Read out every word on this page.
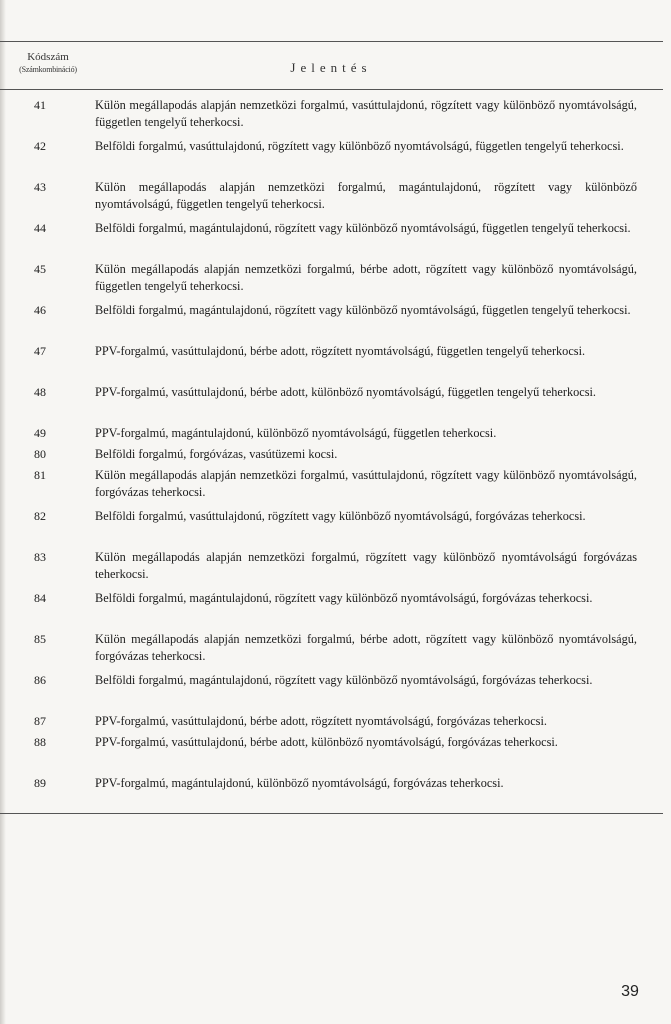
Kódszám
(Számkombináció)	Jelentés
41	Külön megállapodás alapján nemzetközi forgalmú, vasúttulajdonú, rögzített vagy különböző nyomtávolságú, független tengelyű teherkocsi.
42	Belföldi forgalmú, vasúttulajdonú, rögzített vagy különböző nyomtávolságú, független tengelyű teherkocsi.
43	Külön megállapodás alapján nemzetközi forgalmú, magántulajdonú, rögzített vagy különböző nyomtávolságú, független tengelyű teherkocsi.
44	Belföldi forgalmú, magántulajdonú, rögzített vagy különböző nyomtávolságú, független tengelyű teherkocsi.
45	Külön megállapodás alapján nemzetközi forgalmú, bérbe adott, rögzített vagy különböző nyomtávolságú, független tengelyű teherkocsi.
46	Belföldi forgalmú, magántulajdonú, rögzített vagy különböző nyomtávolságú, független tengelyű teherkocsi.
47	PPV-forgalmú, vasúttulajdonú, bérbe adott, rögzített nyomtávolságú, független tengelyű teherkocsi.
48	PPV-forgalmú, vasúttulajdonú, bérbe adott, különböző nyomtávolságú, független tengelyű teherkocsi.
49	PPV-forgalmú, magántulajdonú, különböző nyomtávolságú, független teherkocsi.
80	Belföldi forgalmú, forgóvázas, vasútüzemi kocsi.
81	Külön megállapodás alapján nemzetközi forgalmú, vasúttulajdonú, rögzített vagy különböző nyomtávolságú, forgóvázas teherkocsi.
82	Belföldi forgalmú, vasúttulajdonú, rögzített vagy különböző nyomtávolságú, forgóvázas teherkocsi.
83	Külön megállapodás alapján nemzetközi forgalmú, rögzített vagy különböző nyomtávolságú forgóvázas teherkocsi.
84	Belföldi forgalmú, magántulajdonú, rögzített vagy különböző nyomtávolságú, forgóvázas teherkocsi.
85	Külön megállapodás alapján nemzetközi forgalmú, bérbe adott, rögzített vagy különböző nyomtávolságú, forgóvázas teherkocsi.
86	Belföldi forgalmú, magántulajdonú, rögzített vagy különböző nyomtávolságú, forgóvázas teherkocsi.
87	PPV-forgalmú, vasúttulajdonú, bérbe adott, rögzített nyomtávolságú, forgóvázas teherkocsi.
88	PPV-forgalmú, vasúttulajdonú, bérbe adott, különböző nyomtávolságú, forgóvázas teherkocsi.
89	PPV-forgalmú, magántulajdonú, különböző nyomtávolságú, forgóvázas teherkocsi.
39
